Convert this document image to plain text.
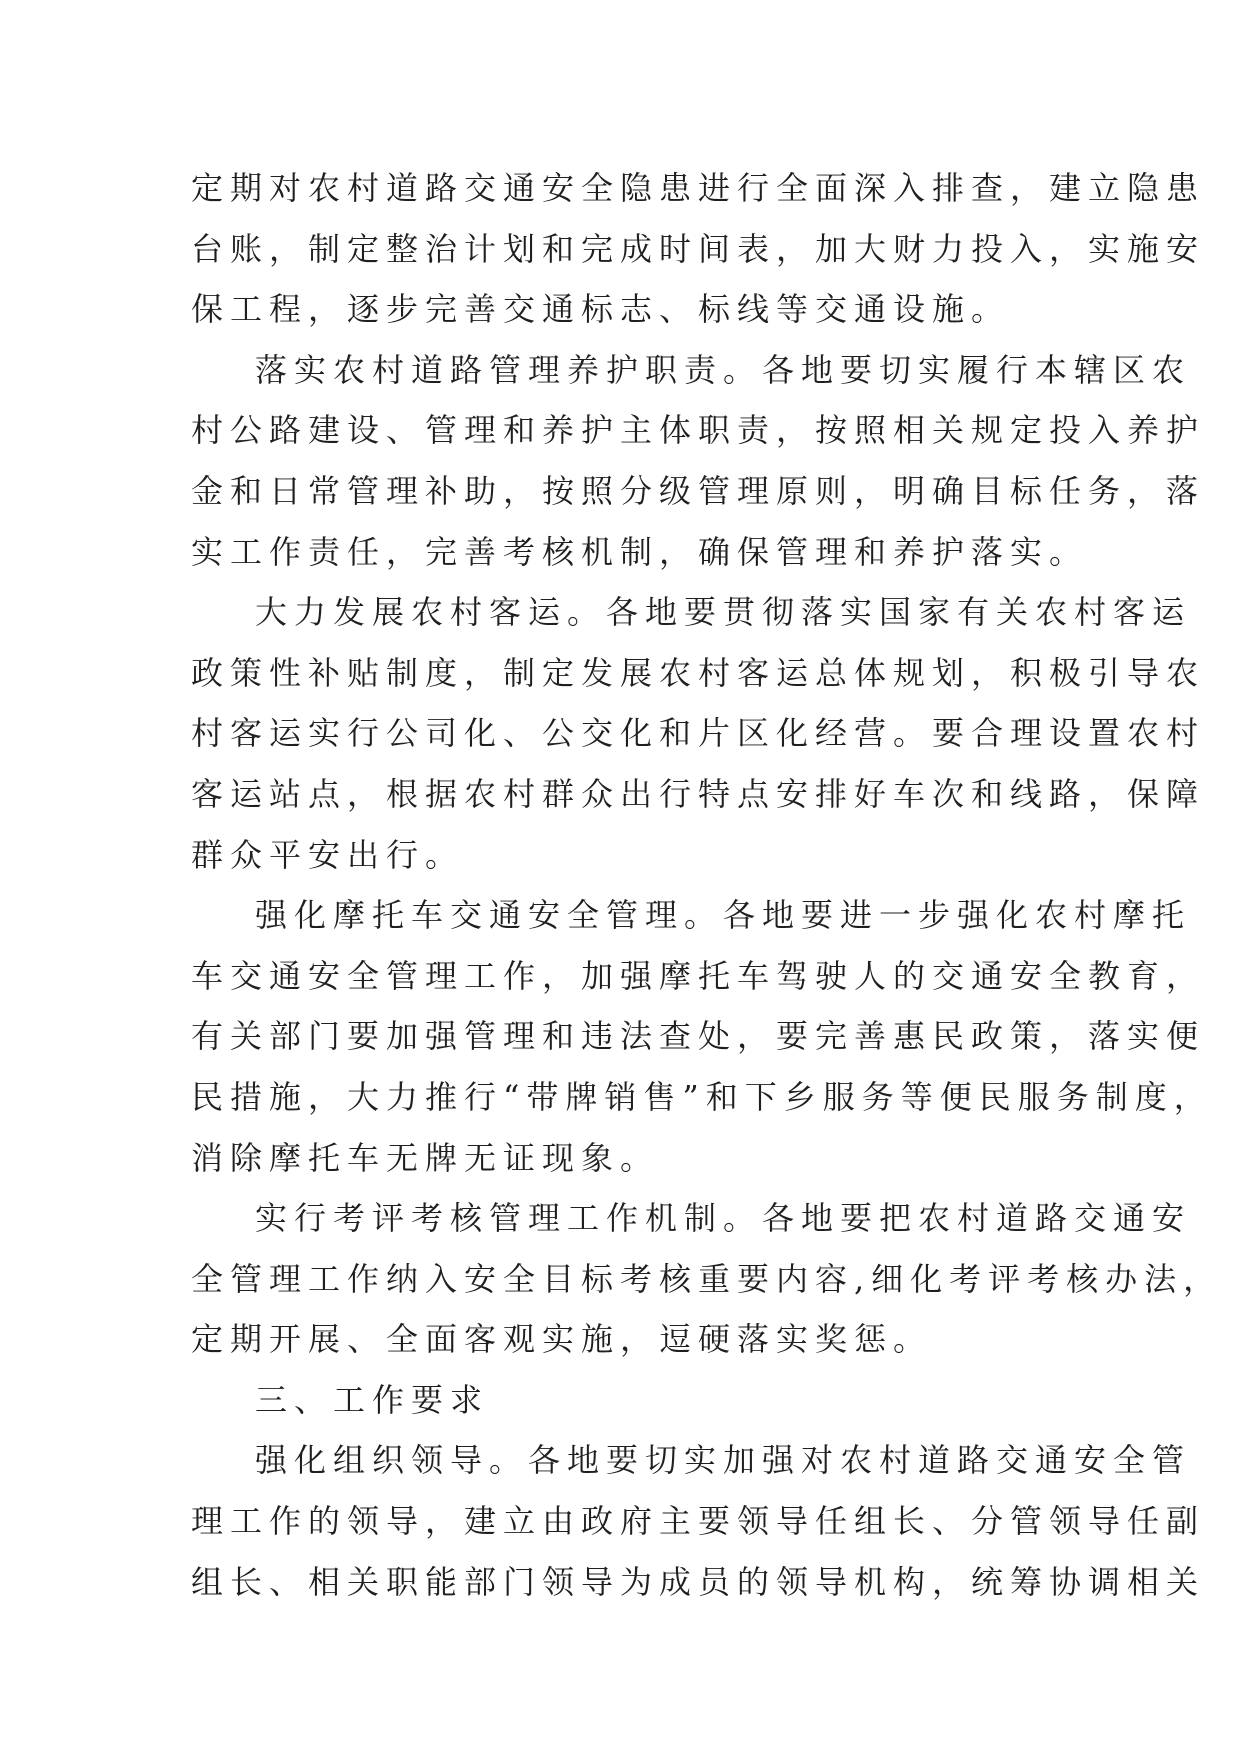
定期对农村道路交通安全隐患进行全面深入排查，建立隐患
台账，制定整治计划和完成时间表，加大财力投入，实施安
保工程，逐步完善交通标志、标线等交通设施。
落实农村道路管理养护职责。各地要切实履行本辖区农
村公路建设、管理和养护主体职责，按照相关规定投入养护
金和日常管理补助，按照分级管理原则，明确目标任务，落
实工作责任，完善考核机制，确保管理和养护落实。
大力发展农村客运。各地要贯彻落实国家有关农村客运
政策性补贴制度，制定发展农村客运总体规划，积极引导农
村客运实行公司化、公交化和片区化经营。要合理设置农村
客运站点，根据农村群众出行特点安排好车次和线路，保障
群众平安出行。
强化摩托车交通安全管理。各地要进一步强化农村摩托
车交通安全管理工作，加强摩托车驾驶人的交通安全教育，
有关部门要加强管理和违法查处，要完善惠民政策，落实便
民措施，大力推行“带牌销售”和下乡服务等便民服务制度，
消除摩托车无牌无证现象。
实行考评考核管理工作机制。各地要把农村道路交通安
全管理工作纳入安全目标考核重要内容,细化考评考核办法，
定期开展、全面客观实施，逗硬落实奖惩。
三、工作要求
强化组织领导。各地要切实加强对农村道路交通安全管
理工作的领导，建立由政府主要领导任组长、分管领导任副
组长、相关职能部门领导为成员的领导机构，统筹协调相关
